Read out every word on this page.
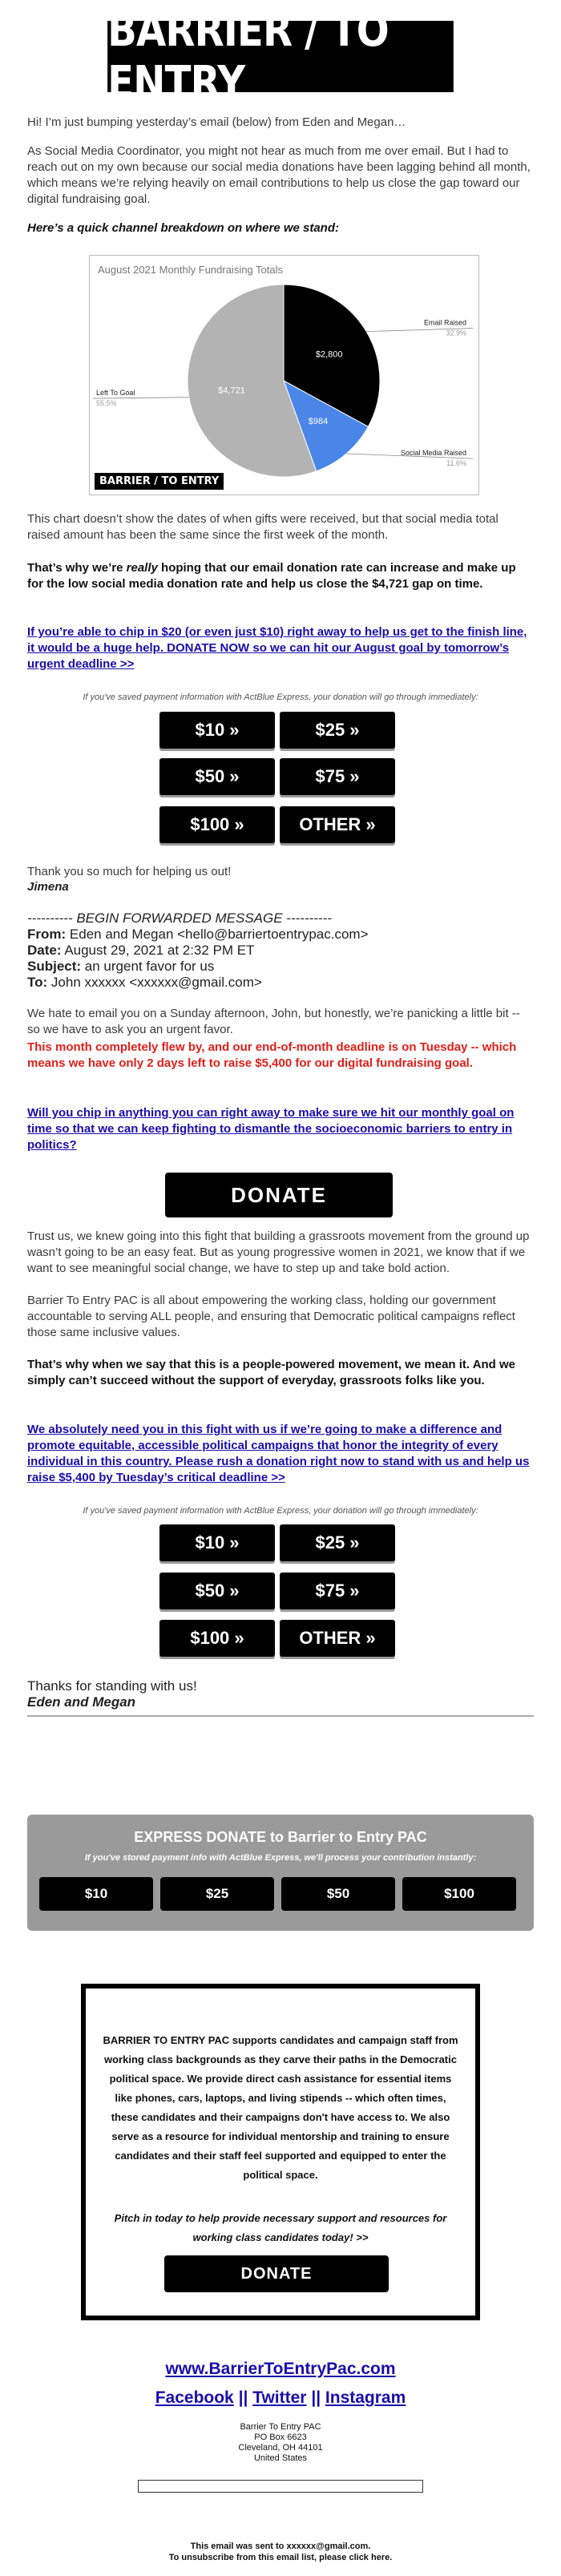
BARRIER / TO ENTRY
Hi! I’m just bumping yesterday’s email (below) from Eden and Megan…
As Social Media Coordinator, you might not hear as much from me over email. But I had to reach out on my own because our social media donations have been lagging behind all month, which means we’re relying heavily on email contributions to help us close the gap toward our digital fundraising goal.
Here’s a quick channel breakdown on where we stand:
August 2021 Monthly Fundraising Totals
$2,800
Email Raised
32.9%
$984
Social Media Raised
11.6%
$4,721
Left To Goal
55.5%
BARRIER / TO ENTRY
This chart doesn’t show the dates of when gifts were received, but that social media total raised amount has been the same since the first week of the month.
That’s why we’re really hoping that our email donation rate can increase and make up for the low social media donation rate and help us close the $4,721 gap on time.
If you’re able to chip in $20 (or even just $10) right away to help us get to the finish line, it would be a huge help. DONATE NOW so we can hit our August goal by tomorrow’s urgent deadline >>
If you've saved payment information with ActBlue Express, your donation will go through immediately:
$10 »	$25 »
$50 »	$75 »
$100 »	OTHER »
Thank you so much for helping us out!
Jimena
---------- BEGIN FORWARDED MESSAGE ----------
From: Eden and Megan <hello@barriertoentrypac.com>
Date: August 29, 2021 at 2:32 PM ET
Subject: an urgent favor for us
To: John xxxxxx <xxxxxx@gmail.com>
We hate to email you on a Sunday afternoon, John, but honestly, we’re panicking a little bit -- so we have to ask you an urgent favor.
This month completely flew by, and our end-of-month deadline is on Tuesday -- which means we have only 2 days left to raise $5,400 for our digital fundraising goal.
Will you chip in anything you can right away to make sure we hit our monthly goal on time so that we can keep fighting to dismantle the socioeconomic barriers to entry in politics?
DONATE
Trust us, we knew going into this fight that building a grassroots movement from the ground up wasn’t going to be an easy feat. But as young progressive women in 2021, we know that if we want to see meaningful social change, we have to step up and take bold action.
Barrier To Entry PAC is all about empowering the working class, holding our government accountable to serving ALL people, and ensuring that Democratic political campaigns reflect those same inclusive values.
That’s why when we say that this is a people-powered movement, we mean it. And we simply can’t succeed without the support of everyday, grassroots folks like you.
We absolutely need you in this fight with us if we’re going to make a difference and promote equitable, accessible political campaigns that honor the integrity of every individual in this country. Please rush a donation right now to stand with us and help us raise $5,400 by Tuesday’s critical deadline >>
If you've saved payment information with ActBlue Express, your donation will go through immediately:
$10 »	$25 »
$50 »	$75 »
$100 »	OTHER »
Thanks for standing with us!
Eden and Megan
EXPRESS DONATE to Barrier to Entry PAC
If you've stored payment info with ActBlue Express, we'll process your contribution instantly:
$10	$25	$50	$100
BARRIER TO ENTRY PAC supports candidates and campaign staff from working class backgrounds as they carve their paths in the Democratic political space. We provide direct cash assistance for essential items like phones, cars, laptops, and living stipends -- which often times, these candidates and their campaigns don't have access to. We also serve as a resource for individual mentorship and training to ensure candidates and their staff feel supported and equipped to enter the political space.
Pitch in today to help provide necessary support and resources for working class candidates today! >>
DONATE
www.BarrierToEntryPac.com
Facebook || Twitter || Instagram
Barrier To Entry PAC
PO Box 6623
Cleveland, OH 44101
United States
This email was sent to xxxxxx@gmail.com.
To unsubscribe from this email list, please click here.
